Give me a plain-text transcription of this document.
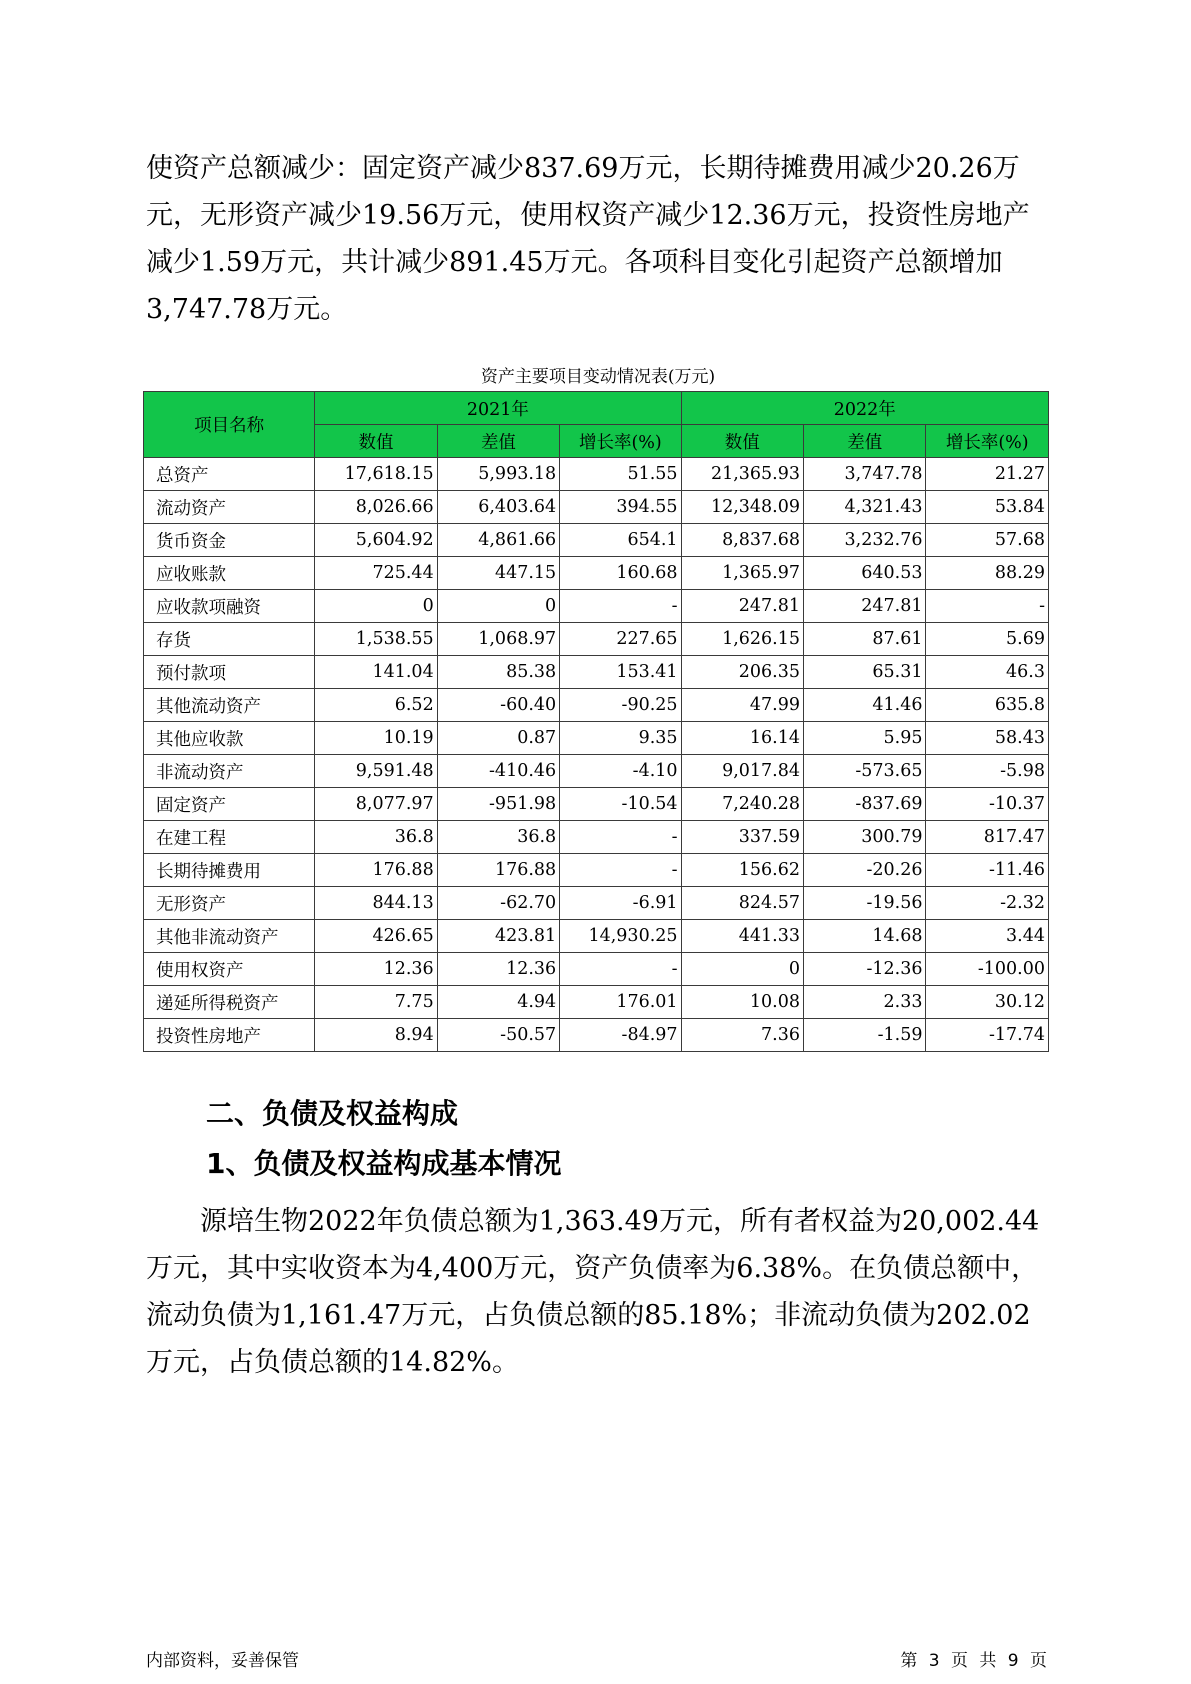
使资产总额减少：固定资产减少837.69万元，长期待摊费用减少20.26万元，无形资产减少19.56万元，使用权资产减少12.36万元，投资性房地产减少1.59万元，共计减少891.45万元。各项科目变化引起资产总额增加3,747.78万元。

资产主要项目变动情况表(万元)
项目名称	2021年			2022年		
	数值	差值	增长率(%)	数值	差值	增长率(%)
总资产	17,618.15	5,993.18	51.55	21,365.93	3,747.78	21.27
流动资产	8,026.66	6,403.64	394.55	12,348.09	4,321.43	53.84
货币资金	5,604.92	4,861.66	654.1	8,837.68	3,232.76	57.68
应收账款	725.44	447.15	160.68	1,365.97	640.53	88.29
应收款项融资	0	0	-	247.81	247.81	-
存货	1,538.55	1,068.97	227.65	1,626.15	87.61	5.69
预付款项	141.04	85.38	153.41	206.35	65.31	46.3
其他流动资产	6.52	-60.40	-90.25	47.99	41.46	635.8
其他应收款	10.19	0.87	9.35	16.14	5.95	58.43
非流动资产	9,591.48	-410.46	-4.10	9,017.84	-573.65	-5.98
固定资产	8,077.97	-951.98	-10.54	7,240.28	-837.69	-10.37
在建工程	36.8	36.8	-	337.59	300.79	817.47
长期待摊费用	176.88	176.88	-	156.62	-20.26	-11.46
无形资产	844.13	-62.70	-6.91	824.57	-19.56	-2.32
其他非流动资产	426.65	423.81	14,930.25	441.33	14.68	3.44
使用权资产	12.36	12.36	-	0	-12.36	-100.00
递延所得税资产	7.75	4.94	176.01	10.08	2.33	30.12
投资性房地产	8.94	-50.57	-84.97	7.36	-1.59	-17.74
二、负债及权益构成
1、负债及权益构成基本情况

源培生物2022年负债总额为1,363.49万元，所有者权益为20,002.44万元，其中实收资本为4,400万元，资产负债率为6.38%。在负债总额中，流动负债为1,161.47万元，占负债总额的85.18%；非流动负债为202.02万元，占负债总额的14.82%。

内部资料，妥善保管	第 3 页 共 9 页
